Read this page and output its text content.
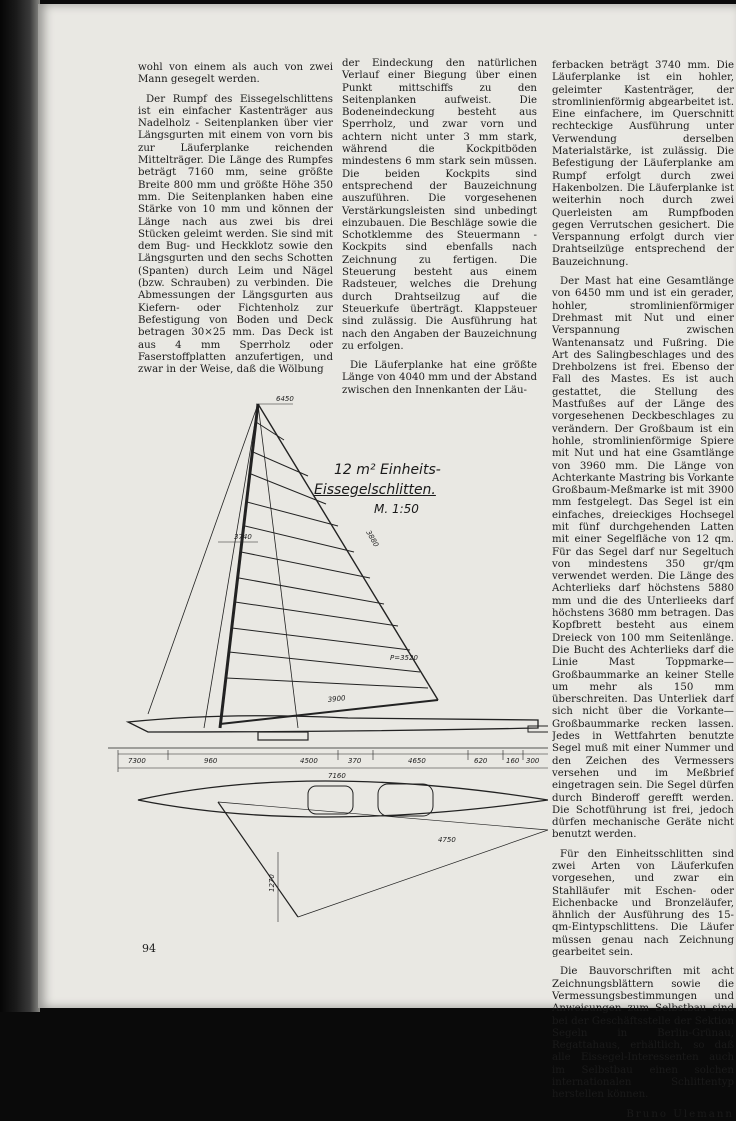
wohl von einem als auch von zwei Mann gesegelt werden.

Der Rumpf des Eissegelschlittens ist ein einfacher Kastenträger aus Nadelholz - Seitenplanken über vier Längsgurten mit einem von vorn bis zur Läuferplanke reichenden Mittelträger. Die Länge des Rumpfes beträgt 7160 mm, seine größte Breite 800 mm und größte Höhe 350 mm. Die Seitenplanken haben eine Stärke von 10 mm und können der Länge nach aus zwei bis drei Stücken geleimt werden. Sie sind mit dem Bug- und Heckklotz sowie den Längsgurten und den sechs Schotten (Spanten) durch Leim und Nägel (bzw. Schrauben) zu verbinden. Die Abmessungen der Längsgurten aus Kiefern- oder Fichtenholz zur Befestigung von Boden und Deck betragen 30×25 mm. Das Deck ist aus 4 mm Sperrholz oder Faserstoffplatten anzufertigen, und zwar in der Weise, daß die Wölbung

der Eindeckung den natürlichen Verlauf einer Biegung über einen Punkt mittschiffs zu den Seitenplanken aufweist. Die Bodeneindeckung besteht aus Sperrholz, und zwar vorn und achtern nicht unter 3 mm stark, während die Kockpitböden mindestens 6 mm stark sein müssen. Die beiden Kockpits sind entsprechend der Bauzeichnung auszuführen. Die vorgesehenen Verstärkungsleisten sind unbedingt einzubauen. Die Beschläge sowie die Schotklemme des Steuermann - Kockpits sind ebenfalls nach Zeichnung zu fertigen. Die Steuerung besteht aus einem Radsteuer, welches die Drehung durch Drahtseilzug auf die Steuerkufe überträgt. Klappsteuer sind zulässig. Die Ausführung hat nach den Angaben der Bauzeichnung zu erfolgen.

Die Läuferplanke hat eine größte Länge von 4040 mm und der Abstand zwischen den Innenkanten der Läu-

ferbacken beträgt 3740 mm. Die Läuferplanke ist ein hohler, geleimter Kastenträger, der stromlinienförmig abgearbeitet ist. Eine einfachere, im Querschnitt rechteckige Ausführung unter Verwendung derselben Materialstärke, ist zulässig. Die Befestigung der Läuferplanke am Rumpf erfolgt durch zwei Hakenbolzen. Die Läuferplanke ist weiterhin noch durch zwei Querleisten am Rumpfboden gegen Verrutschen gesichert. Die Verspannung erfolgt durch vier Drahtseilzüge entsprechend der Bauzeichnung.

Der Mast hat eine Gesamtlänge von 6450 mm und ist ein gerader, hohler, stromlinienförmiger Drehmast mit Nut und einer Verspannung zwischen Wantenansatz und Fußring. Die Art des Salingbeschlages und des Drehbolzens ist frei. Ebenso der Fall des Mastes. Es ist auch gestattet, die Stellung des Mastfußes auf der Länge des vorgesehenen Deckbeschlages zu verändern. Der Großbaum ist ein hohle, stromlinienförmige Spiere mit Nut und hat eine Gsamtlänge von 3960 mm. Die Länge von Achterkante Mastring bis Vorkante Großbaum-Meßmarke ist mit 3900 mm festgelegt. Das Segel ist ein einfaches, dreieckiges Hochsegel mit fünf durchgehenden Latten mit einer Segelfläche von 12 qm. Für das Segel darf nur Segeltuch von mindestens 350 gr/qm verwendet werden. Die Länge des Achterlieks darf höchstens 5880 mm und die des Unterlieeks darf höchstens 3680 mm betragen. Das Kopfbrett besteht aus einem Dreieck von 100 mm Seitenlänge. Die Bucht des Achterlieks darf die Linie Mast Toppmarke—Großbaummarke an keiner Stelle um mehr als 150 mm überschreiten. Das Unterliek darf sich nicht über die Vorkante—Großbaummarke recken lassen. Jedes in Wettfahrten benutzte Segel muß mit einer Nummer und den Zeichen des Vermessers versehen und im Meßbrief eingetragen sein. Die Segel dürfen durch Binderoff gerefft werden. Die Schotführung ist frei, jedoch dürfen mechanische Geräte nicht benutzt werden.

Für den Einheitsschlitten sind zwei Arten von Läuferkufen vorgesehen, und zwar ein Stahlläufer mit Eschen- oder Eichenbacke und Bronzeläufer, ähnlich der Ausführung des 15-qm-Eintypschlittens. Die Läufer müssen genau nach Zeichnung gearbeitet sein.

Die Bauvorschriften mit acht Zeichnungsblättern sowie die Vermessungsbestimmungen und Anweisungen zum Selbstbau sind bei der Geschäftsstelle der Sektion Segeln in Berlin-Grünau, Regattahaus, erhältlich, so daß alle Eissegel-Interessenten auch im Selbstbau einen solchen internationalen Schlittentyp herstellen können.

Bruno Ulemann
12 m² Einheits-
Eissegelschlitten.
M. 1:50
6450
3740	3880
3900
P=3520
7300	960	4500	370	4650	620	160 300
7160
4750
1270
94
